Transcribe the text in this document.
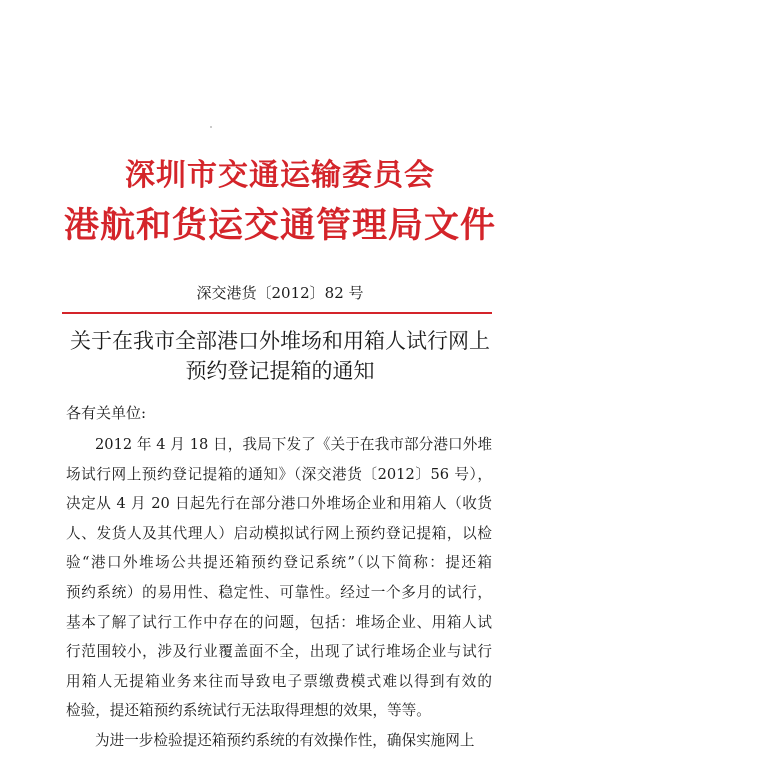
深圳市交通运输委员会
港航和货运交通管理局文件
深交港货〔2012〕82 号
关于在我市全部港口外堆场和用箱人试行网上
预约登记提箱的通知
各有关单位:
2012 年 4 月 18 日，我局下发了《关于在我市部分港口外堆
场试行网上预约登记提箱的通知》（深交港货〔2012〕56 号），
决定从 4 月 20 日起先行在部分港口外堆场企业和用箱人（收货
人、发货人及其代理人）启动模拟试行网上预约登记提箱，以检
验“港口外堆场公共提还箱预约登记系统”（以下简称：提还箱
预约系统）的易用性、稳定性、可靠性。经过一个多月的试行，
基本了解了试行工作中存在的问题，包括：堆场企业、用箱人试
行范围较小，涉及行业覆盖面不全，出现了试行堆场企业与试行
用箱人无提箱业务来往而导致电子票缴费模式难以得到有效的
检验，提还箱预约系统试行无法取得理想的效果，等等。
为进一步检验提还箱预约系统的有效操作性，确保实施网上
